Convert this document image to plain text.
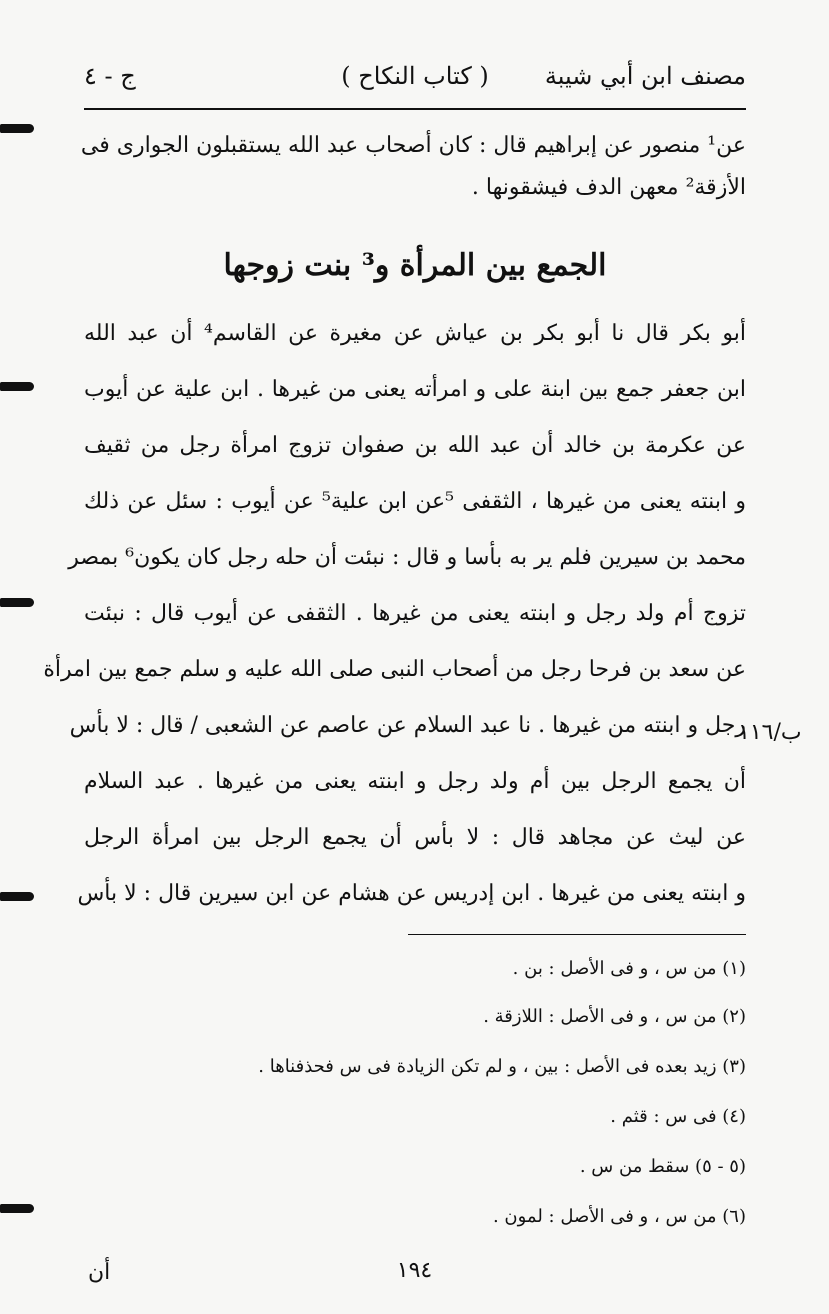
مصنف ابن أبي شيبة
( كتاب النكاح )
ج - ٤
عن¹ منصور عن إبراهيم قال : كان أصحاب عبد الله يستقبلون الجوارى فى
الأزقة² معهن الدف فيشقونها .
الجمع بين المرأة و³ بنت زوجها
أبو بكر قال نا أبو بكر بن عياش عن مغيرة عن القاسم⁴ أن عبد الله
ابن جعفر جمع بين ابنة على و امرأته يعنى من غيرها . ابن علية عن أيوب
عن عكرمة بن خالد أن عبد الله بن صفوان تزوج امرأة رجل من ثقيف
و ابنته يعنى من غيرها ، الثقفى ⁵عن ابن علية⁵ عن أيوب : سئل عن ذلك
محمد بن سيرين فلم ير به بأسا و قال : نبئت أن حله رجل كان يكون⁶ بمصر
تزوج أم ولد رجل و ابنته يعنى من غيرها . الثقفى عن أيوب قال : نبئت
عن سعد بن فرحا رجل من أصحاب النبى صلى الله عليه و سلم جمع بين امرأة
رجل و ابنته من غيرها . نا عبد السلام عن عاصم عن الشعبى / قال : لا بأس
أن يجمع الرجل بين أم ولد رجل و ابنته يعنى من غيرها . عبد السلام
عن ليث عن مجاهد قال : لا بأس أن يجمع الرجل بين امرأة الرجل
و ابنته يعنى من غيرها . ابن إدريس عن هشام عن ابن سيرين قال : لا بأس
ب/١١٦
(١) من س ، و فى الأصل : بن .
(٢) من س ، و فى الأصل : اللازقة .
(٣) زيد بعده فى الأصل : بين ، و لم تكن الزيادة فى س فحذفناها .
(٤) فى س : قثم .
(٥ - ٥) سقط من س .
(٦) من س ، و فى الأصل : لمون .
١٩٤
أن
